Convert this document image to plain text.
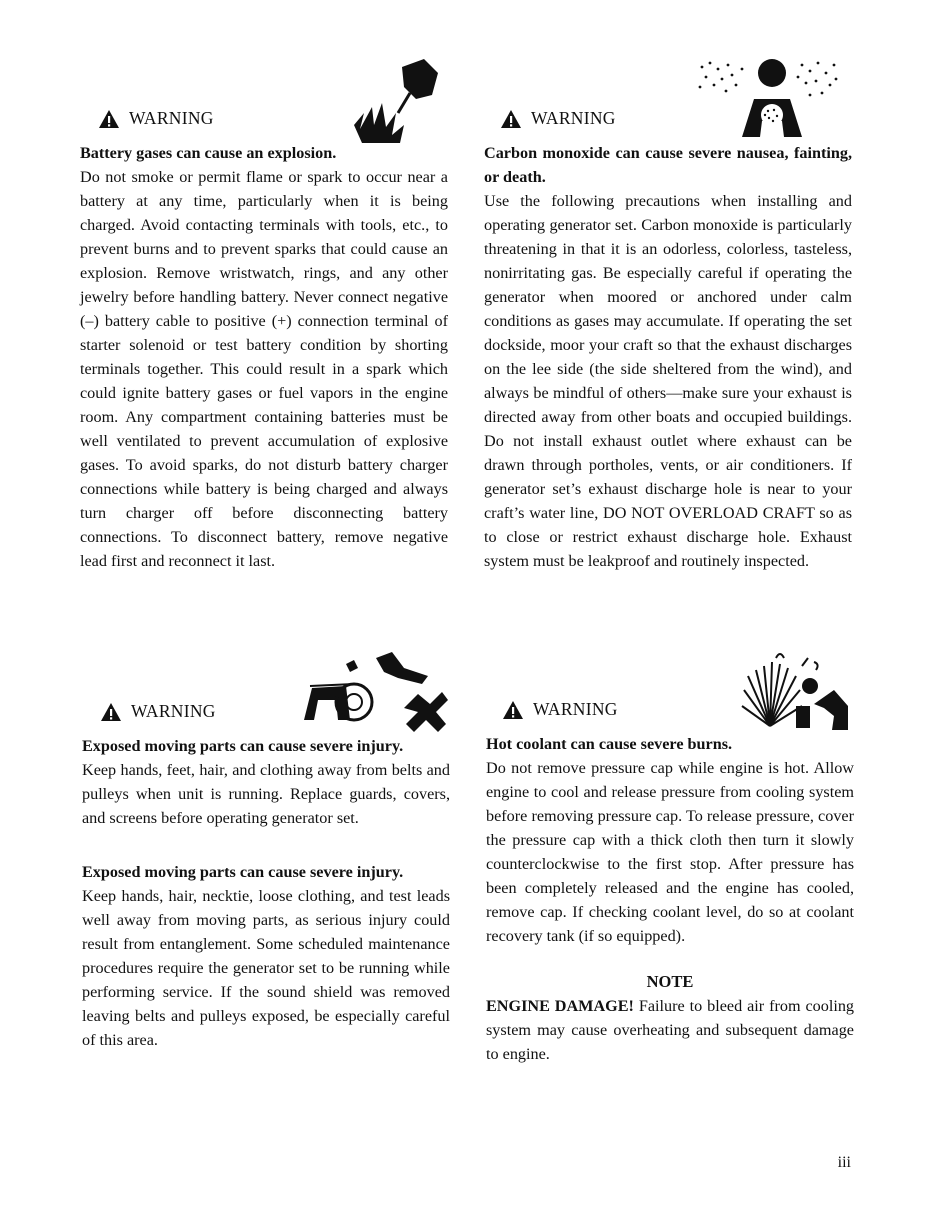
WARNING
Battery gases can cause an explosion.
Do not smoke or permit flame or spark to occur near a battery at any time, particularly when it is being charged. Avoid contacting terminals with tools, etc., to prevent burns and to prevent sparks that could cause an explosion. Remove wristwatch, rings, and any other jewelry before handling battery. Never connect negative (–) battery cable to positive (+) connection terminal of starter solenoid or test battery condition by shorting terminals together. This could result in a spark which could ignite battery gases or fuel vapors in the engine room. Any compartment containing batteries must be well ventilated to prevent accumulation of explosive gases. To avoid sparks, do not disturb battery charger connections while battery is being charged and always turn charger off before disconnecting battery connections. To disconnect battery, remove negative lead first and reconnect it last.
WARNING
Carbon monoxide can cause severe nausea, fainting, or death.
Use the following precautions when installing and operating generator set. Carbon monoxide is particularly threatening in that it is an odorless, colorless, tasteless, nonirritating gas. Be especially careful if operating the generator when moored or anchored under calm conditions as gases may accumulate. If operating the set dockside, moor your craft so that the exhaust discharges on the lee side (the side sheltered from the wind), and always be mindful of others—make sure your exhaust is directed away from other boats and occupied buildings. Do not install exhaust outlet where exhaust can be drawn through portholes, vents, or air conditioners. If generator set’s exhaust discharge hole is near to your craft’s water line, DO NOT OVERLOAD CRAFT so as to close or restrict exhaust discharge hole. Exhaust system must be leakproof and routinely inspected.
WARNING
Exposed moving parts can cause severe injury.
Keep hands, feet, hair, and clothing away from belts and pulleys when unit is running. Replace guards, covers, and screens before operating generator set.
Exposed moving parts can cause severe injury.
Keep hands, hair, necktie, loose clothing, and test leads well away from moving parts, as serious injury could result from entanglement. Some scheduled maintenance procedures require the generator set to be running while performing service. If the sound shield was removed leaving belts and pulleys exposed, be especially careful of this area.
WARNING
Hot coolant can cause severe burns.
Do not remove pressure cap while engine is hot. Allow engine to cool and release pressure from cooling system before removing pressure cap. To release pressure, cover the pressure cap with a thick cloth then turn it slowly counterclockwise to the first stop. After pressure has been completely released and the engine has cooled, remove cap. If checking coolant level, do so at coolant recovery tank (if so equipped).
NOTE
ENGINE DAMAGE! Failure to bleed air from cooling system may cause overheating and subsequent damage to engine.
iii
